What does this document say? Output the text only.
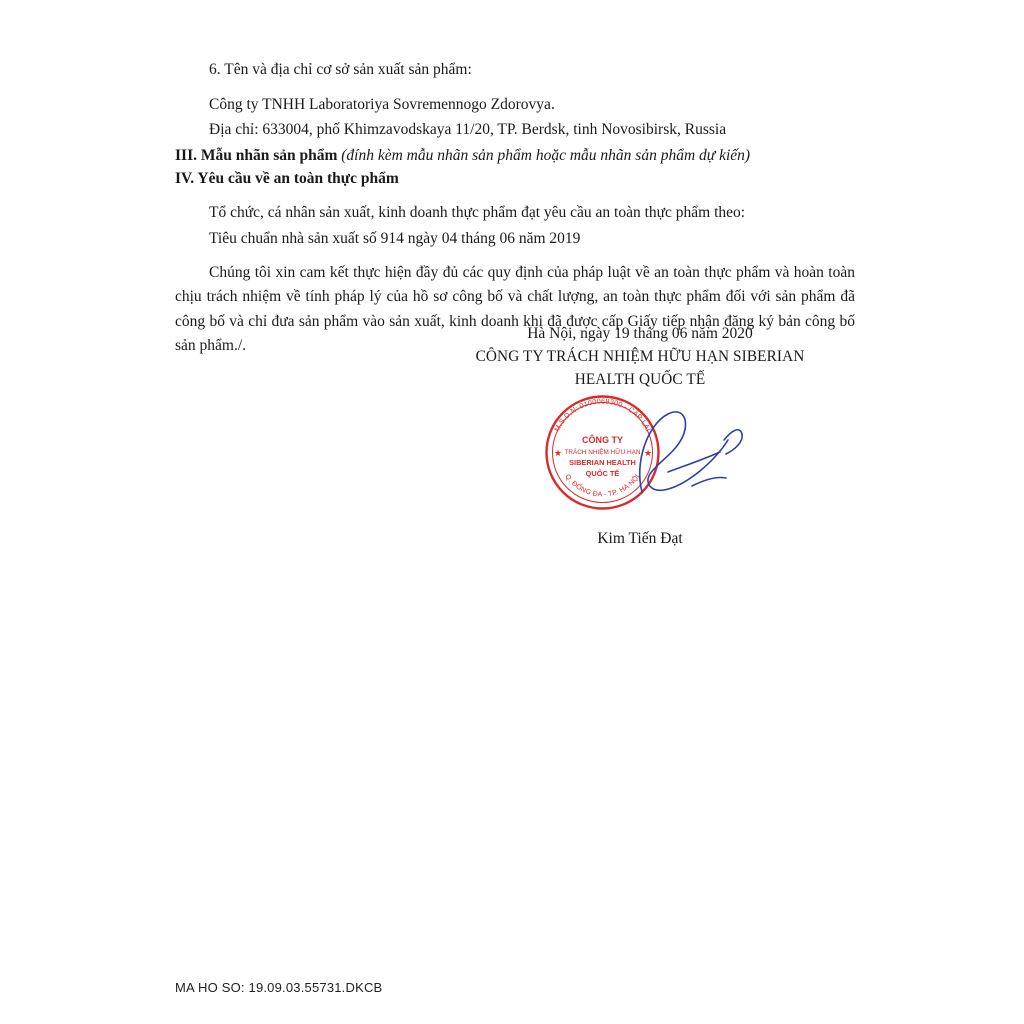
6. Tên và địa chỉ cơ sở sản xuất sản phẩm:

Công ty TNHH Laboratoriya Sovremennogo Zdorovya.

Địa chỉ: 633004, phố Khimzavodskaya 11/20, TP. Berdsk, tinh Novosibirsk, Russia

III. Mẫu nhãn sản phẩm (đính kèm mẫu nhãn sản phẩm hoặc mẫu nhãn sản phẩm dự kiến)

IV. Yêu cầu về an toàn thực phẩm

Tổ chức, cá nhân sản xuất, kinh doanh thực phẩm đạt yêu cầu an toàn thực phẩm theo:

Tiêu chuẩn nhà sản xuất số 914 ngày 04 tháng 06 năm 2019

Chúng tôi xin cam kết thực hiện đầy đủ các quy định của pháp luật về an toàn thực phẩm và hoàn toàn chịu trách nhiệm về tính pháp lý của hồ sơ công bố và chất lượng, an toàn thực phẩm đối với sản phẩm đã công bố và chỉ đưa sản phẩm vào sản xuất, kinh doanh khi đã được cấp Giấy tiếp nhận đăng ký bản công bố sản phẩm./.

Hà Nội, ngày 19 tháng 06 năm 2020

CÔNG TY TRÁCH NHIỆM HỮU HẠN SIBERIAN

HEALTH QUỐC TẾ

M.S.D.N: 0100068300 - CẤP LẠI
Q. ĐỐNG ĐA - TP. HÀ NỘI
CÔNG TY
TRÁCH NHIỆM HỮU HẠN
SIBERIAN HEALTH
QUỐC TẾ
★	★
Kim Tiến Đạt
MA HO SO: 19.09.03.55731.DKCB
